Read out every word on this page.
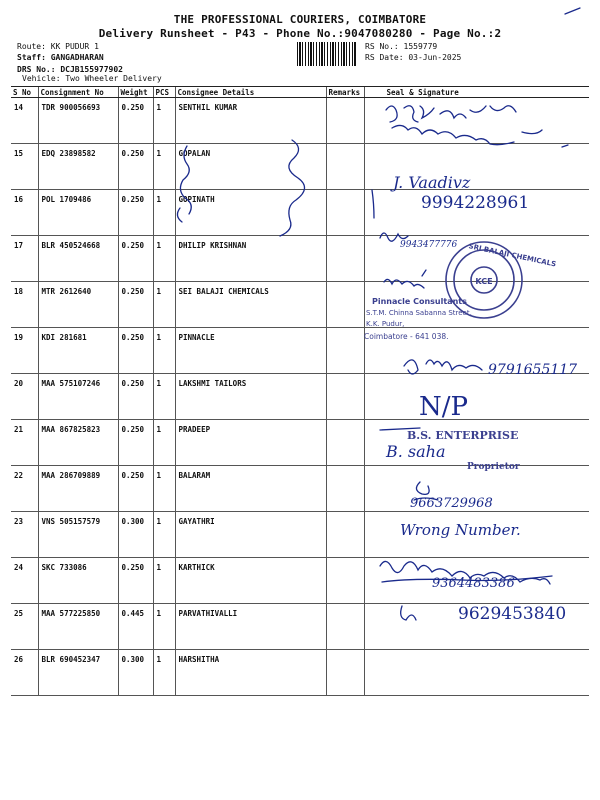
THE PROFESSIONAL COURIERS, COIMBATORE
Delivery Runsheet - P43 - Phone No.:9047080280 - Page No.:2
Route: KK PUDUR 1
Staff: GANGADHARAN
DRS No.: DCJB155977902
Vehicle: Two Wheeler Delivery
RS No.: 1559779
RS Date: 03-Jun-2025
S No	Consignment No	Weight	PCS	Consignee Details	Remarks	Seal & Signature
14	TDR 900056693	0.250	1	SENTHIL KUMAR		
15	EDQ 23898582	0.250	1	GOPALAN		
16	POL 1709486	0.250	1	GOPINATH		
17	BLR 450524668	0.250	1	DHILIP KRISHNAN		
18	MTR 2612640	0.250	1	SEI BALAJI CHEMICALS		
19	KDI 281681	0.250	1	PINNACLE		
20	MAA 575107246	0.250	1	LAKSHMI TAILORS		
21	MAA 867825823	0.250	1	PRADEEP		
22	MAA 286709889	0.250	1	BALARAM		
23	VNS 505157579	0.300	1	GAYATHRI		
24	SKC 733086	0.250	1	KARTHICK		
25	MAA 577225850	0.445	1	PARVATHIVALLI		
26	BLR 690452347	0.300	1	HARSHITHA		
KCE
SRI BALAJI CHEMICALS
J. Vaadivz
9994228961
9943477776
9791655117
N/P
Pinnacle Consultants
S.T.M. Chinna Sabanna Street,
K.K. Pudur,
Coimbatore - 641 038.
B.S. ENTERPRISE
B. saha
Proprietor
9663729968
Wrong Number.
9364483386
9629453840
